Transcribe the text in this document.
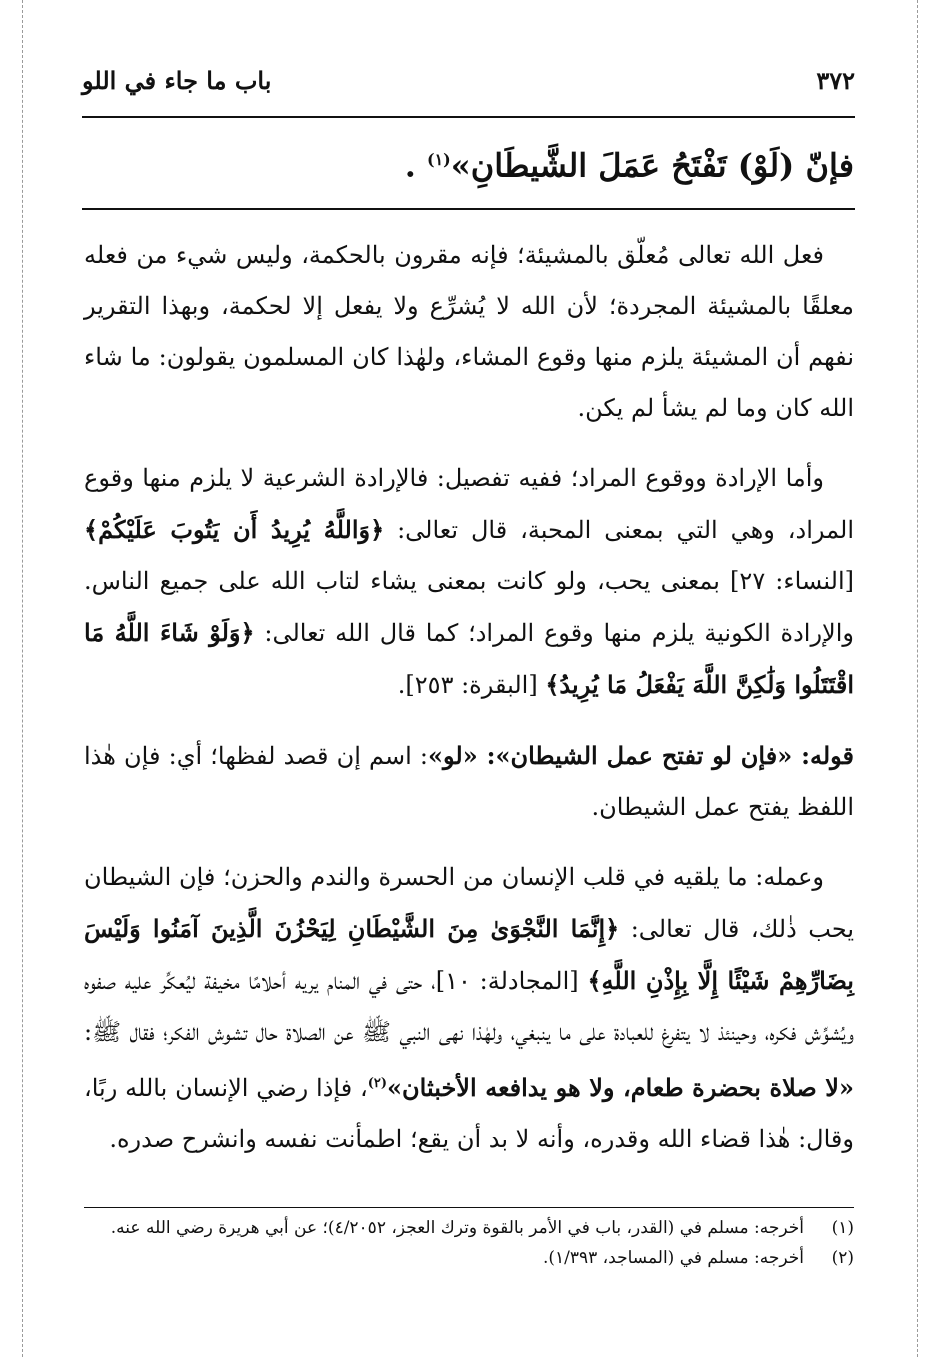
٣٧٢
باب ما جاء في اللو
فإنّ (لَوْ) تَفْتَحُ عَمَلَ الشَّيطَانِ»$^{(١)}$ .

فعل الله تعالى مُعلّق بالمشيئة؛ فإنه مقرون بالحكمة، وليس شيء من فعله معلقًا بالمشيئة المجردة؛ لأن الله لا يُشرِّع ولا يفعل إلا لحكمة، وبهذا التقرير نفهم أن المشيئة يلزم منها وقوع المشاء، ولهٰذا كان المسلمون يقولون: ما شاء الله كان وما لم يشأ لم يكن.

وأما الإرادة ووقوع المراد؛ ففيه تفصيل: فالإرادة الشرعية لا يلزم منها وقوع المراد، وهي التي بمعنى المحبة، قال تعالى: ﴿وَاللَّهُ يُرِيدُ أَن يَتُوبَ عَلَيْكُمْ﴾ [النساء: ٢٧] بمعنى يحب، ولو كانت بمعنى يشاء لتاب الله على جميع الناس. والإرادة الكونية يلزم منها وقوع المراد؛ كما قال الله تعالى: ﴿وَلَوْ شَاءَ اللَّهُ مَا اقْتَتَلُوا وَلَٰكِنَّ اللَّهَ يَفْعَلُ مَا يُرِيدُ﴾ [البقرة: ٢٥٣].

قوله: «فإن لو تفتح عمل الشيطان»: «لو»: اسم إن قصد لفظها؛ أي: فإن هٰذا اللفظ يفتح عمل الشيطان.

وعمله: ما يلقيه في قلب الإنسان من الحسرة والندم والحزن؛ فإن الشيطان يحب ذٰلك، قال تعالى: ﴿إِنَّمَا النَّجْوَىٰ مِنَ الشَّيْطَانِ لِيَحْزُنَ الَّذِينَ آمَنُوا وَلَيْسَ بِضَارِّهِمْ شَيْئًا إِلَّا بِإِذْنِ اللَّهِ﴾ [المجادلة: ١٠]، حتى في المنام يريه أحلامًا مخيفة ليُعكِّر عليه صفوه ويُشوِّش فكره، وحينئذ لا يتفرغ للعبادة على ما ينبغي، ولهٰذا نهى النبي ﷺ عن الصلاة حال تشوش الفكر؛ فقال ﷺ: «لا صلاة بحضرة طعام، ولا هو يدافعه الأخبثان»$^{(٢)}$، فإذا رضي الإنسان بالله ربًا، وقال: هٰذا قضاء الله وقدره، وأنه لا بد أن يقع؛ اطمأنت نفسه وانشرح صدره.

(١)
أخرجه: مسلم في (القدر، باب في الأمر بالقوة وترك العجز، ٤/٢٠٥٢)؛ عن أبي هريرة رضي الله عنه.
(٢)
أخرجه: مسلم في (المساجد، ١/٣٩٣).
